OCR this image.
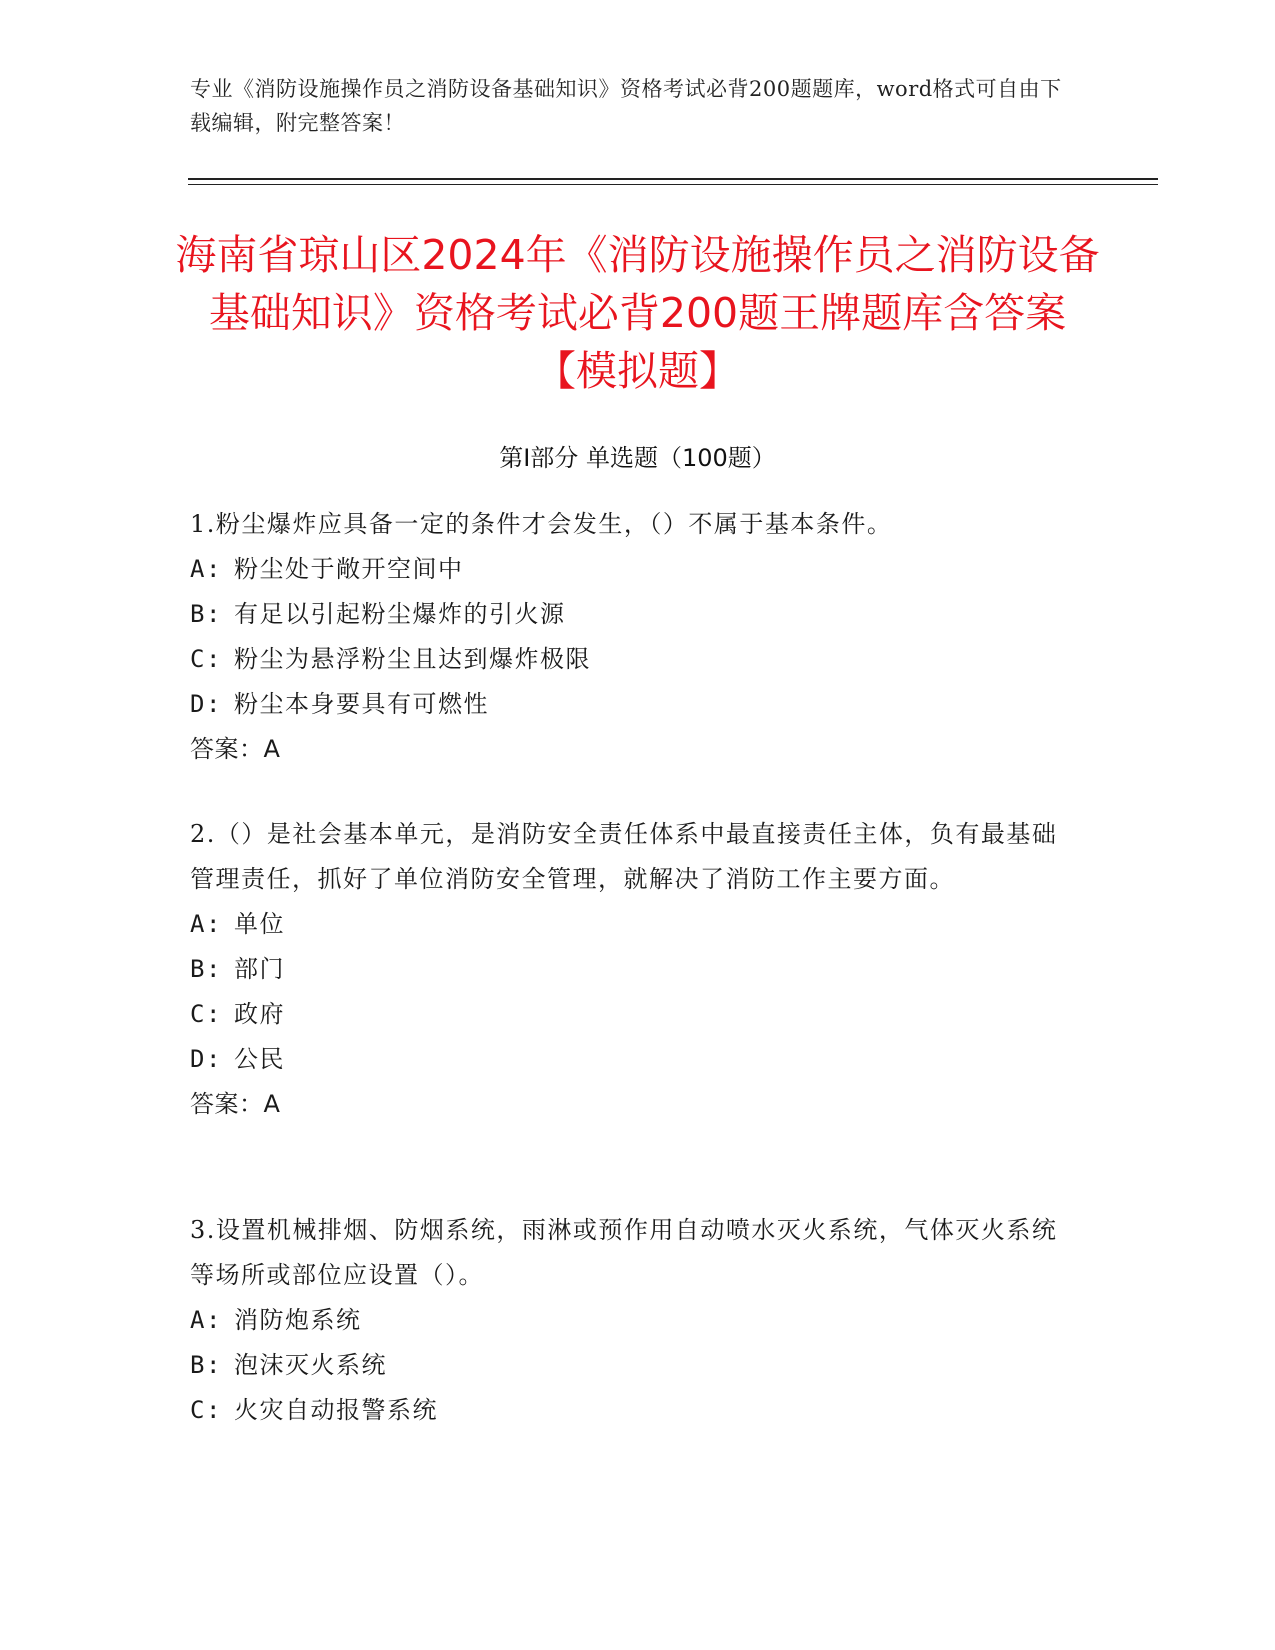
专业《消防设施操作员之消防设备基础知识》资格考试必背200题题库，word格式可自由下载编辑，附完整答案！
海南省琼山区2024年《消防设施操作员之消防设备基础知识》资格考试必背200题王牌题库含答案【模拟题】
第Ⅰ部分 单选题（100题）
1.粉尘爆炸应具备一定的条件才会发生，（）不属于基本条件。
A: 粉尘处于敞开空间中
B: 有足以引起粉尘爆炸的引火源
C: 粉尘为悬浮粉尘且达到爆炸极限
D: 粉尘本身要具有可燃性
答案：A
2.（）是社会基本单元，是消防安全责任体系中最直接责任主体，负有最基础管理责任，抓好了单位消防安全管理，就解决了消防工作主要方面。
A: 单位
B: 部门
C: 政府
D: 公民
答案：A
3.设置机械排烟、防烟系统，雨淋或预作用自动喷水灭火系统，气体灭火系统等场所或部位应设置（）。
A: 消防炮系统
B: 泡沫灭火系统
C: 火灾自动报警系统
